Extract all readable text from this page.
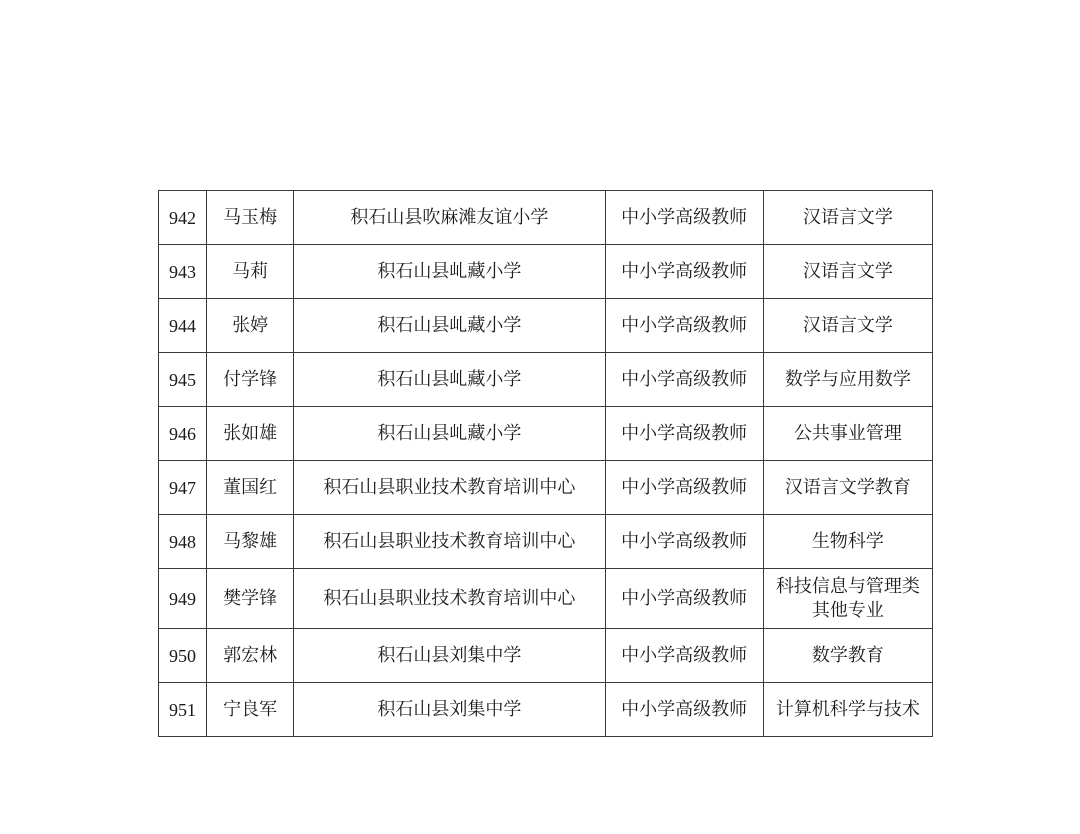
942	马玉梅	积石山县吹麻滩友谊小学	中小学高级教师	汉语言文学

943	马莉	积石山县乢藏小学	中小学高级教师	汉语言文学

944	张婷	积石山县乢藏小学	中小学高级教师	汉语言文学

945	付学锋	积石山县乢藏小学	中小学高级教师	数学与应用数学

946	张如雄	积石山县乢藏小学	中小学高级教师	公共事业管理

947	董国红	积石山县职业技术教育培训中心	中小学高级教师	汉语言文学教育

948	马黎雄	积石山县职业技术教育培训中心	中小学高级教师	生物科学

949	樊学锋	积石山县职业技术教育培训中心	中小学高级教师	科技信息与管理类
其他专业

950	郭宏林	积石山县刘集中学	中小学高级教师	数学教育

951	宁良军	积石山县刘集中学	中小学高级教师	计算机科学与技术
